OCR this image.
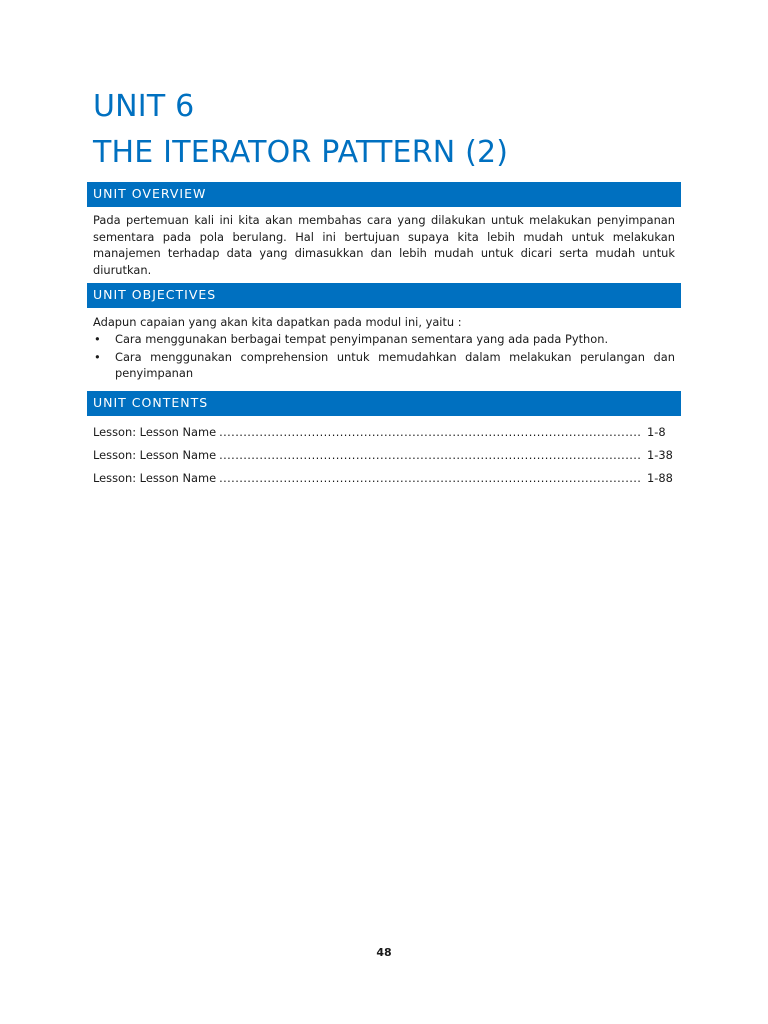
UNIT 6
THE ITERATOR PATTERN (2)
UNIT OVERVIEW

Pada pertemuan kali ini kita akan membahas cara yang dilakukan untuk melakukan penyimpanan sementara pada pola berulang. Hal ini bertujuan supaya kita lebih mudah untuk melakukan manajemen terhadap data yang dimasukkan dan lebih mudah untuk dicari serta mudah untuk diurutkan.

UNIT OBJECTIVES

Adapun capaian yang akan kita dapatkan pada modul ini, yaitu :

• Cara menggunakan berbagai tempat penyimpanan sementara yang ada pada Python.
• Cara menggunakan comprehension untuk memudahkan dalam melakukan perulangan dan penyimpanan
UNIT CONTENTS
Lesson: Lesson Name .....	1-8
Lesson: Lesson Name .....	1-38
Lesson: Lesson Name .....	1-88
48
